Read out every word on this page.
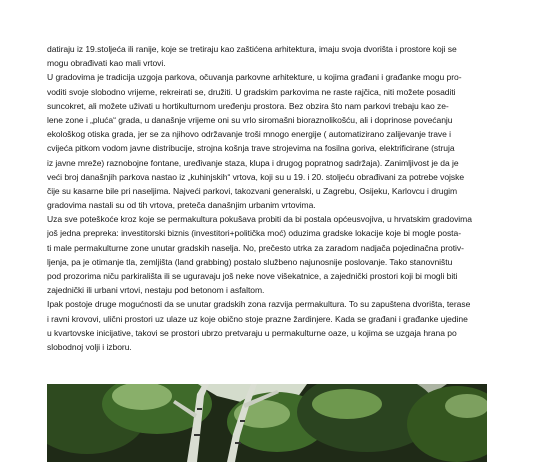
datiraju iz 19.stoljeća ili ranije, koje se tretiraju kao zaštićena arhitektura, imaju svoja dvorišta i prostore koji se
mogu obrađivati kao mali vrtovi.
U gradovima je tradicija uzgoja parkova, očuvanja parkovne arhitekture, u kojima građani i građanke mogu pro-
voditi svoje slobodno vrijeme, rekreirati se, družiti. U gradskim parkovima ne raste rajčica, niti možete posaditi
suncokret, ali možete uživati u hortikulturnom uređenju prostora. Bez obzira što nam parkovi trebaju kao ze-
lene zone i „pluća“ grada, u današnje vrijeme oni su vrlo siromašni bioraznolikošću, ali i doprinose povećanju
ekološkog otiska grada, jer se za njihovo održavanje troši mnogo energije ( automatizirano zalijevanje trave i
cvijeća pitkom vodom javne distribucije, strojna košnja trave strojevima na fosilna goriva, elektrificirane (struja
iz javne mreže) raznobojne fontane, uređivanje staza, klupa i drugog popratnog sadržaja). Zanimljivost je da je
veći broj današnjih parkova nastao iz „kuhinjskih“ vrtova, koji su u 19. i 20. stoljeću obrađivani za potrebe vojske
čije su kasarne bile pri naseljima. Najveći parkovi, takozvani generalski, u Zagrebu, Osijeku, Karlovcu i drugim
gradovima nastali su od tih vrtova, preteča današnjim urbanim vrtovima.
Uza sve poteškoće kroz koje se permakultura pokušava probiti da bi postala općeusvojiva, u hrvatskim gradovima
još jedna prepreka: investitorski biznis (investitori+politička moć) oduzima gradske lokacije koje bi mogle posta-
ti male permakulturne zone unutar gradskih naselja. No, prečesto utrka za zaradom nadjača pojedinačna protiv-
ljenja, pa je otimanje tla, zemljišta (land grabbing) postalo službeno najunosnije poslovanje. Tako stanovništu
pod prozorima niču parkirališta ili se uguravaju još neke nove višekatnice, a zajednički prostori koji bi mogli biti
zajednički ili urbani vrtovi, nestaju pod betonom i asfaltom.
Ipak postoje druge mogućnosti da se unutar gradskih zona razvija permakultura. To su zapuštena dvorišta, terase
i ravni krovovi, ulični prostori uz ulaze uz koje obično stoje prazne žardinjere. Kada se građani i građanke ujedine
u kvartovske inicijative, takovi se prostori ubrzo pretvaraju u permakulturne oaze, u kojima se uzgaja hrana po
slobodnoj volji i izboru.
